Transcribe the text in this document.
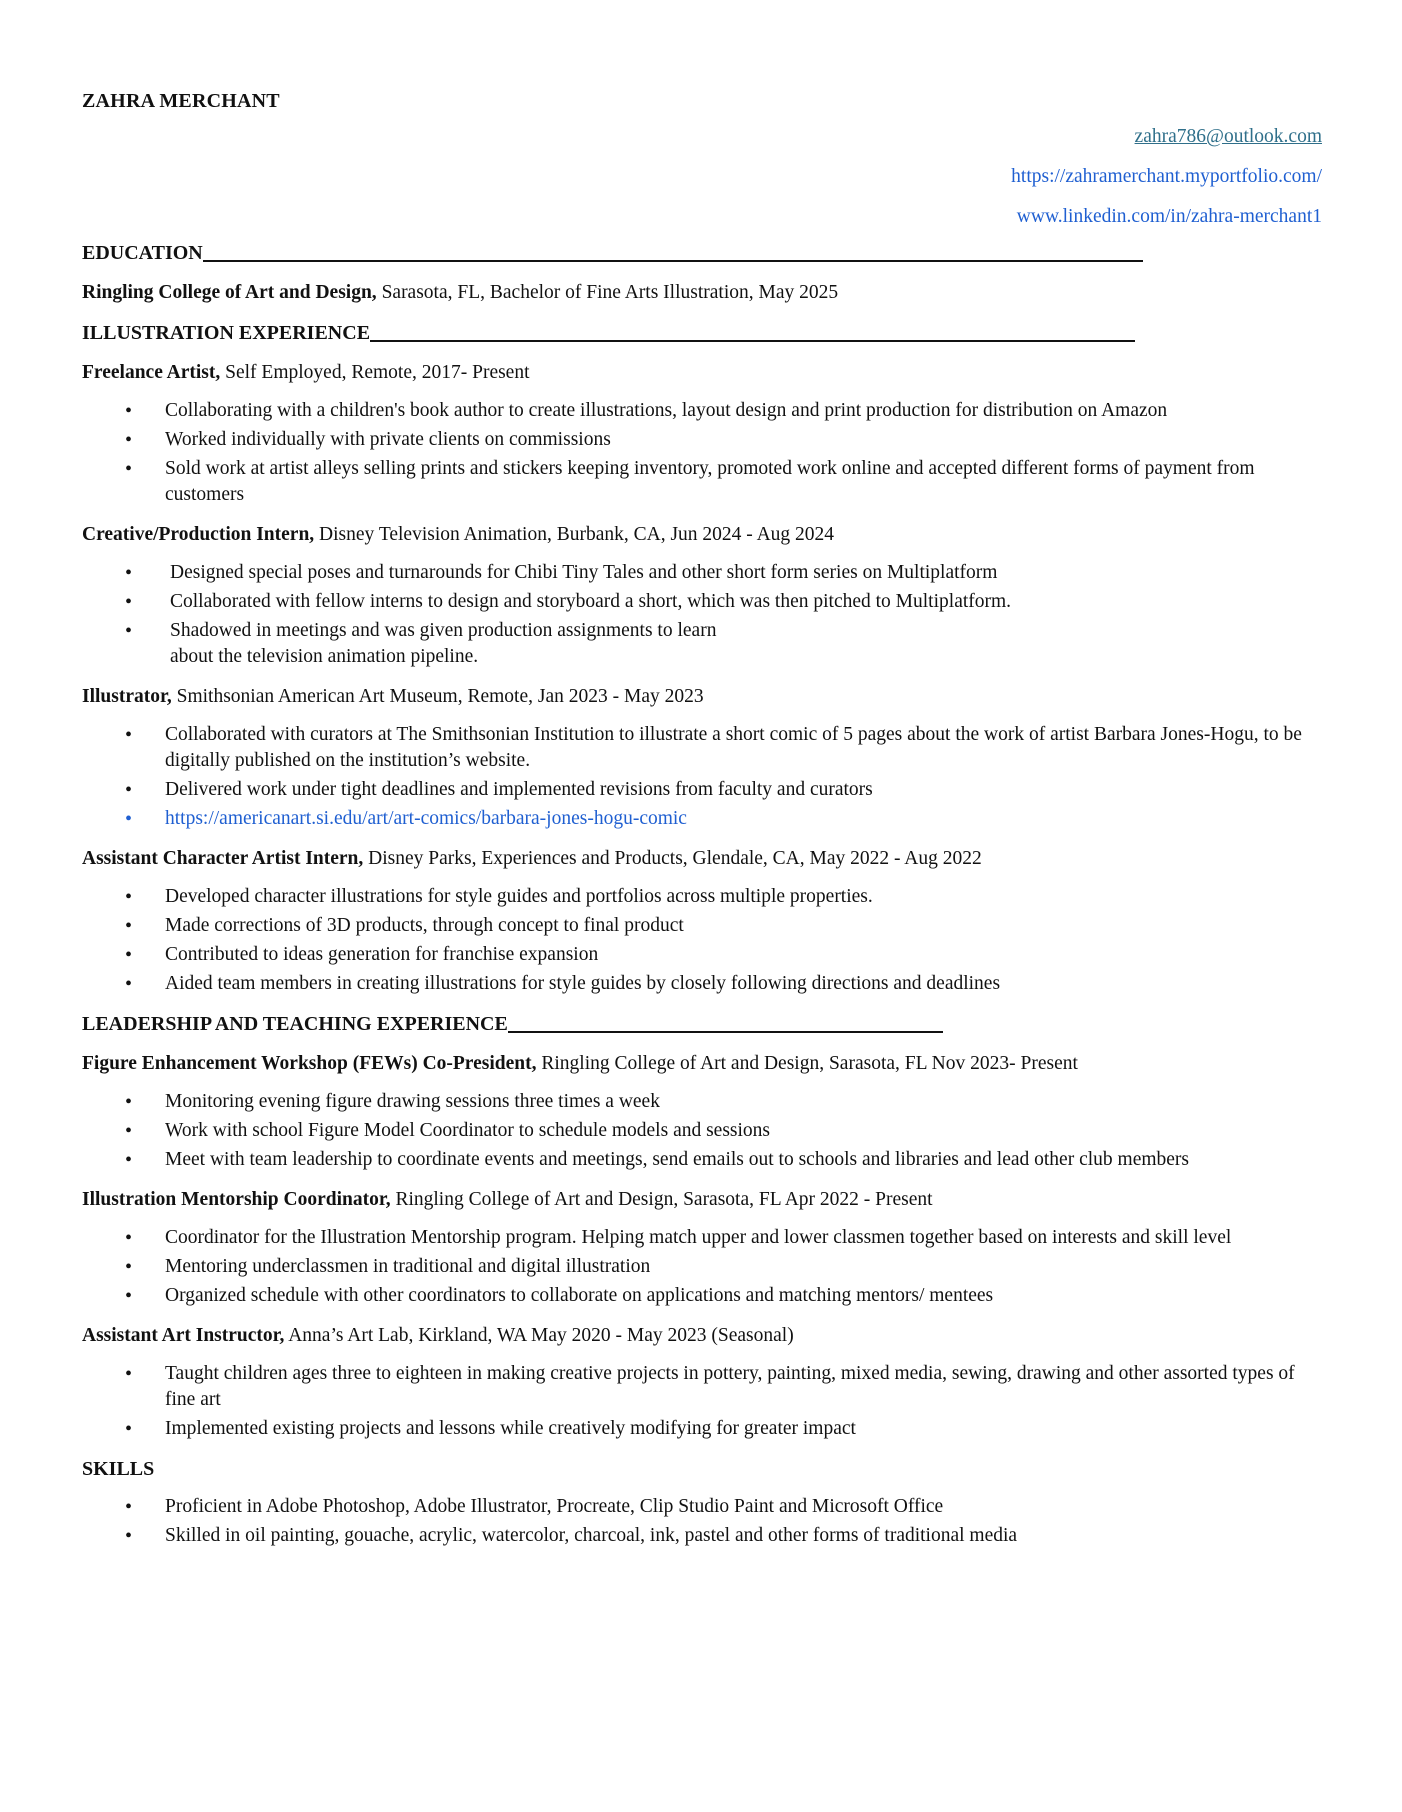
ZAHRA MERCHANT

zahra786@outlook.com
https://zahramerchant.myportfolio.com/
www.linkedin.com/in/zahra-merchant1
EDUCATION
Ringling College of Art and Design, Sarasota, FL, Bachelor of Fine Arts Illustration, May 2025
ILLUSTRATION EXPERIENCE
Freelance Artist, Self Employed, Remote, 2017- Present
• Collaborating with a children's book author to create illustrations, layout design and print production for distribution on Amazon
• Worked individually with private clients on commissions
• Sold work at artist alleys selling prints and stickers keeping inventory, promoted work online and accepted different forms of payment from customers
Creative/Production Intern, Disney Television Animation, Burbank, CA, Jun 2024 - Aug 2024
• Designed special poses and turnarounds for Chibi Tiny Tales and other short form series on Multiplatform
• Collaborated with fellow interns to design and storyboard a short, which was then pitched to Multiplatform.
• Shadowed in meetings and was given production assignments to learn about the television animation pipeline.
Illustrator, Smithsonian American Art Museum, Remote, Jan 2023 - May 2023
• Collaborated with curators at The Smithsonian Institution to illustrate a short comic of 5 pages about the work of artist Barbara Jones-Hogu, to be digitally published on the institution’s website.
• Delivered work under tight deadlines and implemented revisions from faculty and curators
• https://americanart.si.edu/art/art-comics/barbara-jones-hogu-comic
Assistant Character Artist Intern, Disney Parks, Experiences and Products, Glendale, CA, May 2022 - Aug 2022
• Developed character illustrations for style guides and portfolios across multiple properties.
• Made corrections of 3D products, through concept to final product
• Contributed to ideas generation for franchise expansion
• Aided team members in creating illustrations for style guides by closely following directions and deadlines
LEADERSHIP AND TEACHING EXPERIENCE
Figure Enhancement Workshop (FEWs) Co-President, Ringling College of Art and Design, Sarasota, FL Nov 2023- Present
• Monitoring evening figure drawing sessions three times a week
• Work with school Figure Model Coordinator to schedule models and sessions
• Meet with team leadership to coordinate events and meetings, send emails out to schools and libraries and lead other club members
Illustration Mentorship Coordinator, Ringling College of Art and Design, Sarasota, FL Apr 2022 - Present
• Coordinator for the Illustration Mentorship program. Helping match upper and lower classmen together based on interests and skill level
• Mentoring underclassmen in traditional and digital illustration
• Organized schedule with other coordinators to collaborate on applications and matching mentors/ mentees
Assistant Art Instructor, Anna’s Art Lab, Kirkland, WA May 2020 - May 2023 (Seasonal)
• Taught children ages three to eighteen in making creative projects in pottery, painting, mixed media, sewing, drawing and other assorted types of fine art
• Implemented existing projects and lessons while creatively modifying for greater impact
SKILLS
• Proficient in Adobe Photoshop, Adobe Illustrator, Procreate, Clip Studio Paint and Microsoft Office
• Skilled in oil painting, gouache, acrylic, watercolor, charcoal, ink, pastel and other forms of traditional media
